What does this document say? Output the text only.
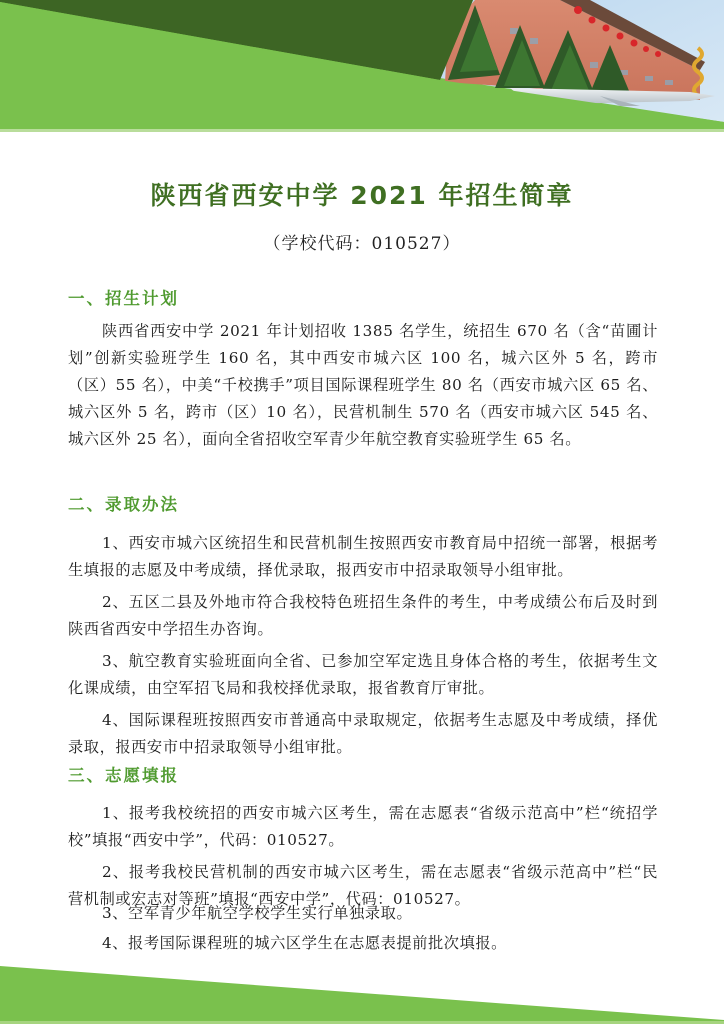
陕西省西安中学 2021 年招生简章
（学校代码：010527）
一、招生计划

陕西省西安中学 2021 年计划招收 1385 名学生，统招生 670 名（含“苗圃计划”创新实验班学生 160 名，其中西安市城六区 100 名，城六区外 5 名，跨市（区）55 名），中美“千校携手”项目国际课程班学生 80 名（西安市城六区 65 名、城六区外 5 名，跨市（区）10 名），民营机制生 570 名（西安市城六区 545 名、城六区外 25 名），面向全省招收空军青少年航空教育实验班学生 65 名。

二、录取办法

1、西安市城六区统招生和民营机制生按照西安市教育局中招统一部署，根据考生填报的志愿及中考成绩，择优录取，报西安市中招录取领导小组审批。

2、五区二县及外地市符合我校特色班招生条件的考生，中考成绩公布后及时到陕西省西安中学招生办咨询。

3、航空教育实验班面向全省、已参加空军定选且身体合格的考生，依据考生文化课成绩，由空军招飞局和我校择优录取，报省教育厅审批。

4、国际课程班按照西安市普通高中录取规定，依据考生志愿及中考成绩，择优录取，报西安市中招录取领导小组审批。

三、志愿填报

1、报考我校统招的西安市城六区考生，需在志愿表“省级示范高中”栏“统招学校”填报“西安中学”，代码：010527。

2、报考我校民营机制的西安市城六区考生，需在志愿表“省级示范高中”栏“民营机制或宏志对等班”填报“西安中学”，代码：010527。

3、空军青少年航空学校学生实行单独录取。

4、报考国际课程班的城六区学生在志愿表提前批次填报。
